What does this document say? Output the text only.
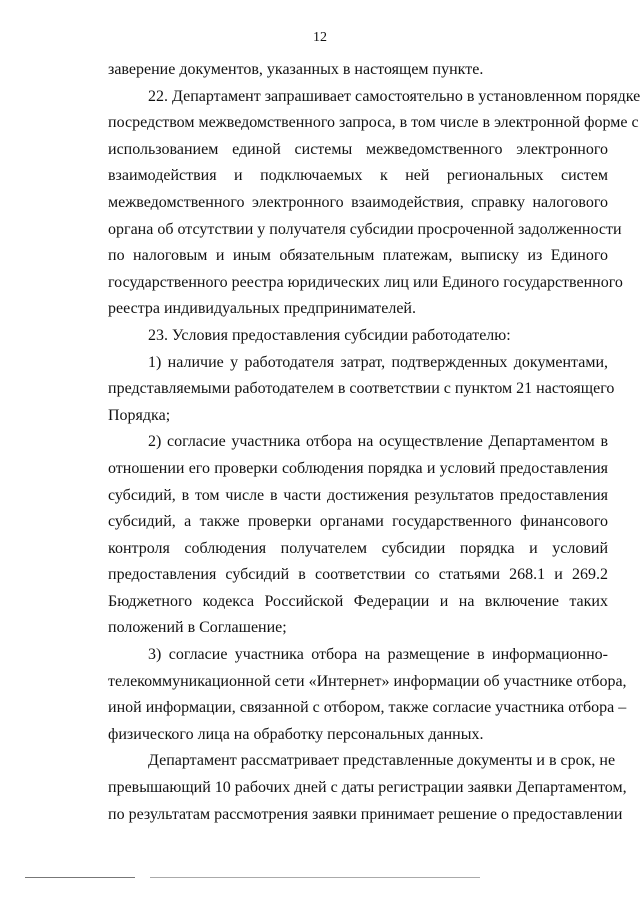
12
заверение документов, указанных в настоящем пункте.
22. Департамент запрашивает самостоятельно в установленном порядке
посредством межведомственного запроса, в том числе в электронной форме с
использованием единой системы межведомственного электронного
взаимодействия и подключаемых к ней региональных систем
межведомственного электронного взаимодействия, справку налогового
органа об отсутствии у получателя субсидии просроченной задолженности
по налоговым и иным обязательным платежам, выписку из Единого
государственного реестра юридических лиц или Единого государственного
реестра индивидуальных предпринимателей.
23. Условия предоставления субсидии работодателю:
1) наличие у работодателя затрат, подтвержденных документами,
представляемыми работодателем в соответствии с пунктом 21 настоящего
Порядка;
2) согласие участника отбора на осуществление Департаментом в
отношении его проверки соблюдения порядка и условий предоставления
субсидий, в том числе в части достижения результатов предоставления
субсидий, а также проверки органами государственного финансового
контроля соблюдения получателем субсидии порядка и условий
предоставления субсидий в соответствии со статьями 268.1 и 269.2
Бюджетного кодекса Российской Федерации и на включение таких
положений в Соглашение;
3) согласие участника отбора на размещение в информационно-
телекоммуникационной сети «Интернет» информации об участнике отбора,
иной информации, связанной с отбором, также согласие участника отбора –
физического лица на обработку персональных данных.
Департамент рассматривает представленные документы и в срок, не
превышающий 10 рабочих дней с даты регистрации заявки Департаментом,
по результатам рассмотрения заявки принимает решение о предоставлении
